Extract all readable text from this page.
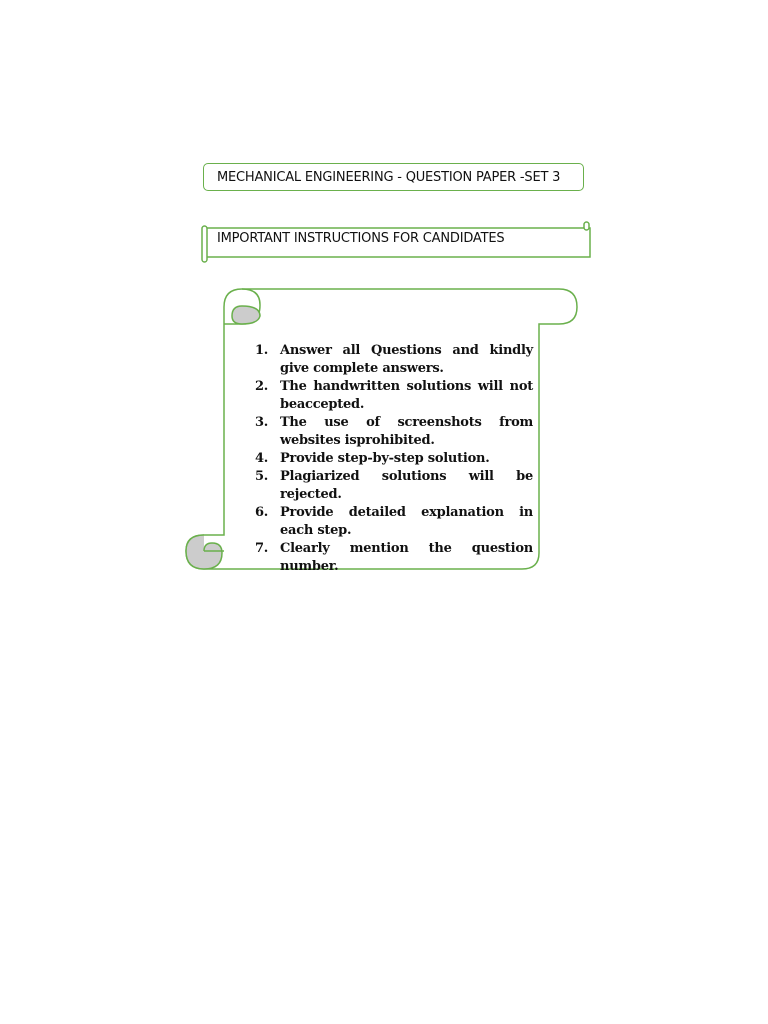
MECHANICAL ENGINEERING - QUESTION PAPER -SET 3
IMPORTANT INSTRUCTIONS FOR CANDIDATES
1. Answer all Questions and kindly give complete answers.
2. The handwritten solutions will not beaccepted.
3. The use of screenshots from websites isprohibited.
4. Provide step-by-step solution.
5. Plagiarized solutions will be rejected.
6. Provide detailed explanation in each step.
7. Clearly mention the question number.
